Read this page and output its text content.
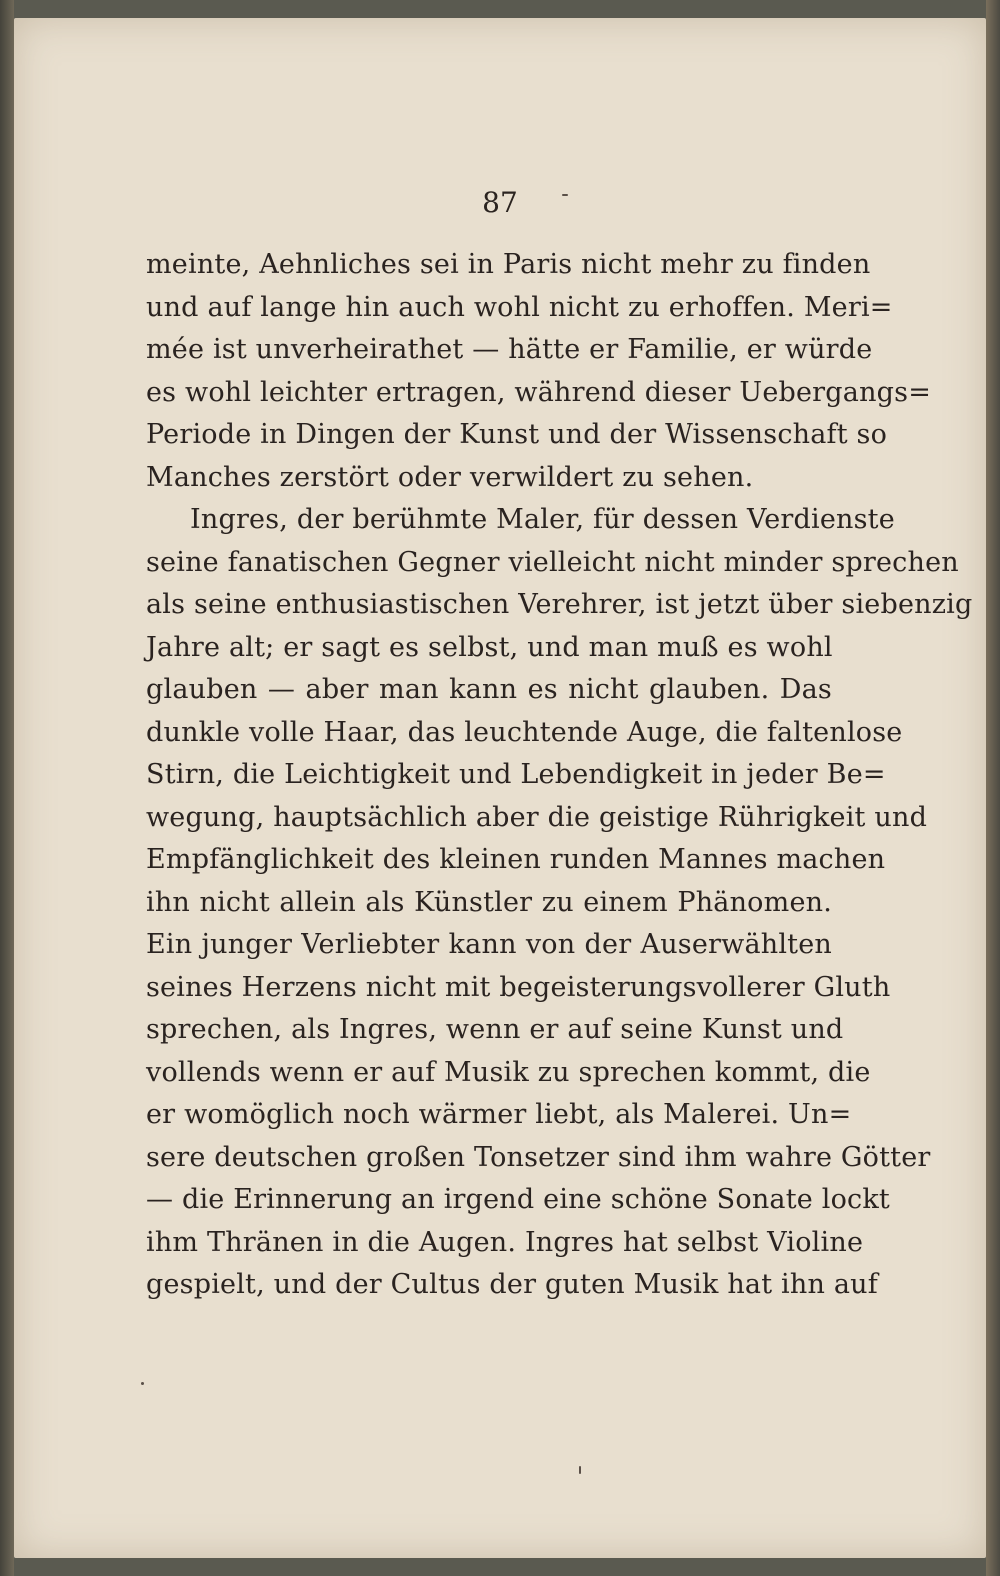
87
meinte, Aehnliches sei in Paris nicht mehr zu finden
und auf lange hin auch wohl nicht zu erhoffen. Meri=
mée ist unverheirathet — hätte er Familie, er würde
es wohl leichter ertragen, während dieser Uebergangs=
Periode in Dingen der Kunst und der Wissenschaft so
Manches zerstört oder verwildert zu sehen.
Ingres, der berühmte Maler, für dessen Verdienste
seine fanatischen Gegner vielleicht nicht minder sprechen
als seine enthusiastischen Verehrer, ist jetzt über siebenzig
Jahre alt; er sagt es selbst, und man muß es wohl
glauben — aber man kann es nicht glauben. Das
dunkle volle Haar, das leuchtende Auge, die faltenlose
Stirn, die Leichtigkeit und Lebendigkeit in jeder Be=
wegung, hauptsächlich aber die geistige Rührigkeit und
Empfänglichkeit des kleinen runden Mannes machen
ihn nicht allein als Künstler zu einem Phänomen.
Ein junger Verliebter kann von der Auserwählten
seines Herzens nicht mit begeisterungsvollerer Gluth
sprechen, als Ingres, wenn er auf seine Kunst und
vollends wenn er auf Musik zu sprechen kommt, die
er womöglich noch wärmer liebt, als Malerei. Un=
sere deutschen großen Tonsetzer sind ihm wahre Götter
— die Erinnerung an irgend eine schöne Sonate lockt
ihm Thränen in die Augen. Ingres hat selbst Violine
gespielt, und der Cultus der guten Musik hat ihn auf
